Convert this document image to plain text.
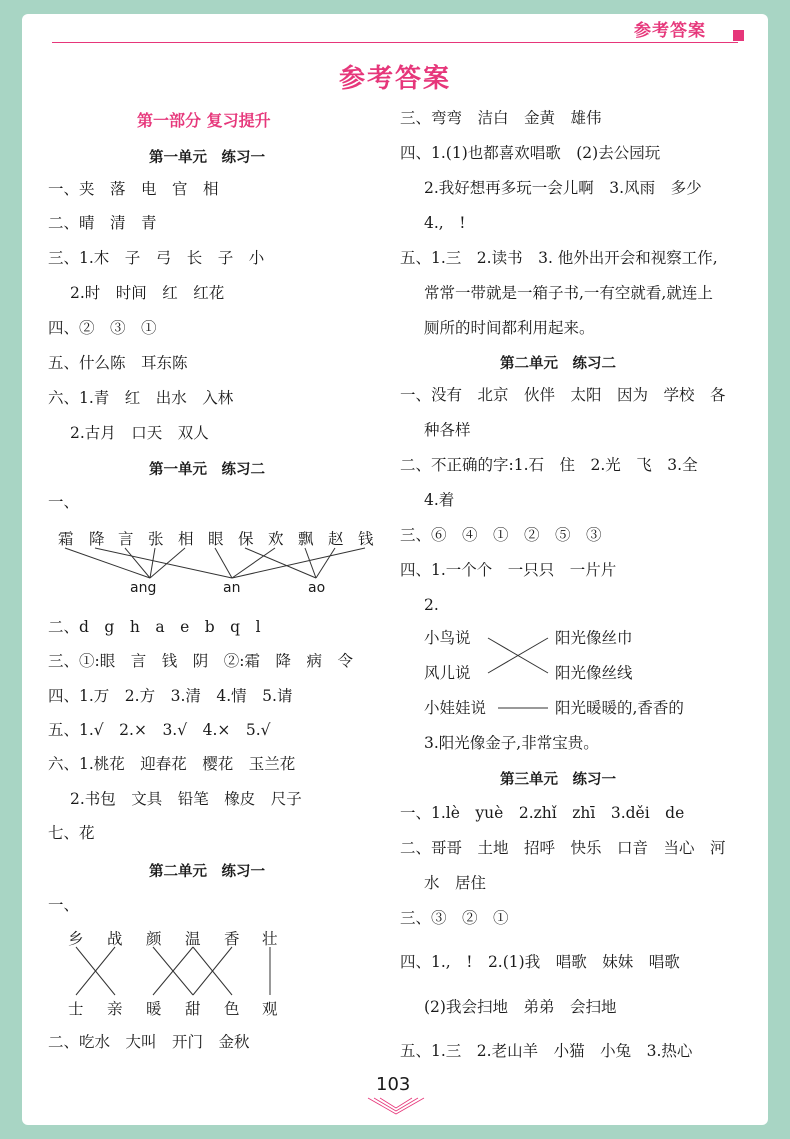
参考答案
参考答案
第一部分 复习提升
第一单元　练习一
一、夹　落　电　官　相
二、晴　清　青
三、1.木　子　弓　长　子　小
2.时　时间　红　红花
四、②　③　①
五、什么陈　耳东陈
六、1.青　红　出水　入林
2.古月　口天　双人
第一单元　练习二
一、
霜 降 言 张 相 眼 保 欢 飘 赵 钱
ang	an	ao
二、d　g　h　a　e　b　q　l
三、①:眼　言　钱　阴　②:霜　降　病　令
四、1.万　2.方　3.清　4.情　5.请
五、1.√　2.×　3.√　4.×　5.√
六、1.桃花　迎春花　樱花　玉兰花
2.书包　文具　铅笔　橡皮　尺子
七、花
第二单元　练习一
一、
乡 战 颜 温 香 壮
士 亲 暖 甜 色 观
二、吃水　大叫　开门　金秋
三、弯弯　洁白　金黄　雄伟
四、1.(1)也都喜欢唱歌　(2)去公园玩
2.我好想再多玩一会儿啊　3.风雨　多少
4.,　!
五、1.三　2.读书　3. 他外出开会和视察工作,
常常一带就是一箱子书,一有空就看,就连上
厕所的时间都利用起来。
第二单元　练习二
一、没有　北京　伙伴　太阳　因为　学校　各
种各样
二、不正确的字:1.石　住　2.光　飞　3.全
4.着
三、⑥　④　①　②　⑤　③
四、1.一个个　一只只　一片片
2.
小鸟说
风儿说
阳光像丝巾
阳光像丝线
小娃娃说	阳光暖暖的,香香的
3.阳光像金子,非常宝贵。
第三单元　练习一
一、1.lè　yuè　2.zhǐ　zhī　3.děi　de
二、哥哥　土地　招呼　快乐　口音　当心　河
水　居住
三、③　②　①
四、1.,　!　2.(1)我　唱歌　妹妹　唱歌
(2)我会扫地　弟弟　会扫地
五、1.三　2.老山羊　小猫　小兔　3.热心
103
